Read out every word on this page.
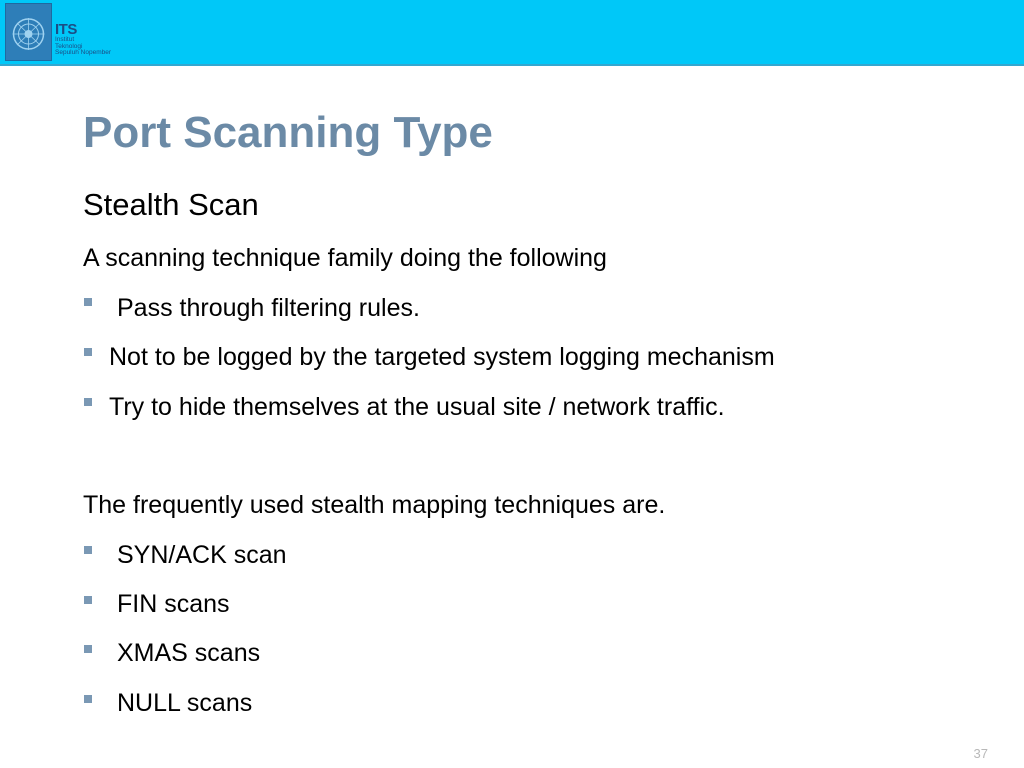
ITS
Institut
Teknologi
Sepuluh Nopember
Port Scanning Type
Stealth Scan
A scanning technique family doing the following
Pass through filtering rules.
Not to be logged by the targeted system logging mechanism
Try to hide themselves at the usual site / network traffic.
The frequently used stealth mapping techniques are.
SYN/ACK scan
FIN scans
XMAS scans
NULL scans
37
